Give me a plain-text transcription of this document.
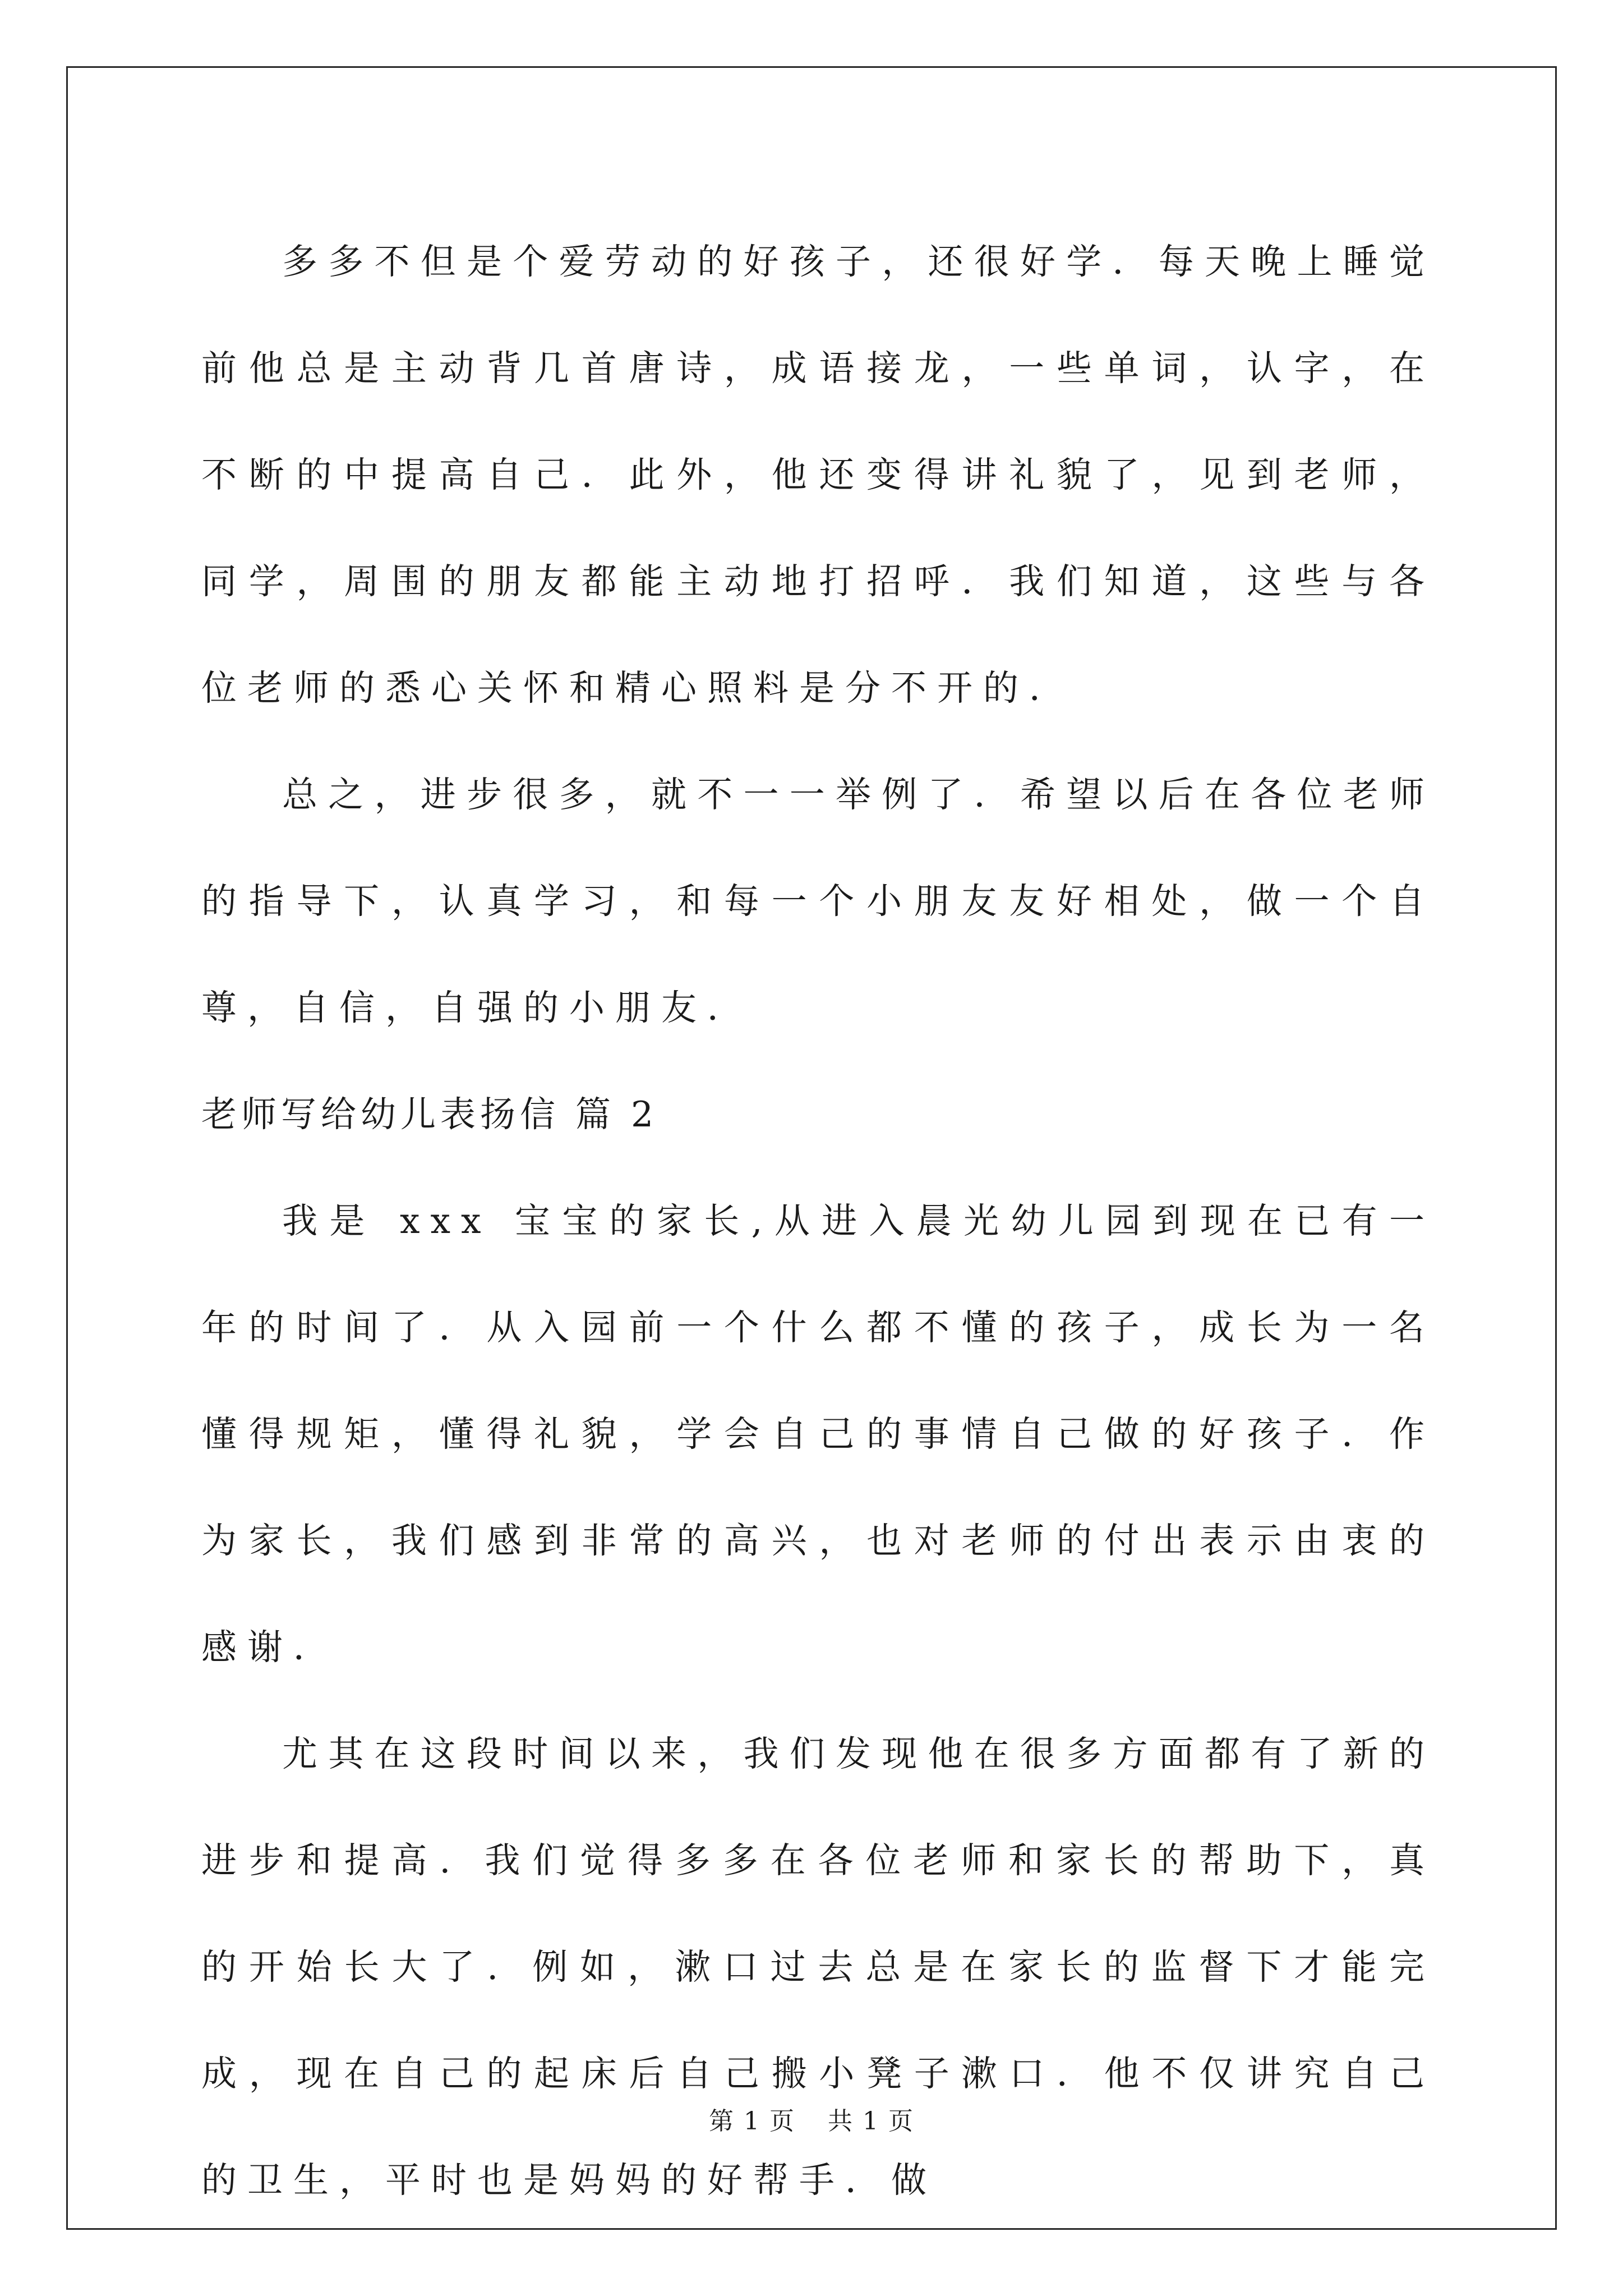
多多不但是个爱劳动的好孩子，还很好学．每天晚上睡觉前他总是主动背几首唐诗，成语接龙，一些单词，认字，在不断的中提高自己．此外，他还变得讲礼貌了，见到老师，同学，周围的朋友都能主动地打招呼．我们知道，这些与各位老师的悉心关怀和精心照料是分不开的．

总之，进步很多，就不一一举例了．希望以后在各位老师的指导下，认真学习，和每一个小朋友友好相处，做一个自尊，自信，自强的小朋友．

老师写给幼儿表扬信 篇 2

我是 xxx 宝宝的家长,从进入晨光幼儿园到现在已有一年的时间了．从入园前一个什么都不懂的孩子，成长为一名懂得规矩，懂得礼貌，学会自己的事情自己做的好孩子．作为家长，我们感到非常的高兴，也对老师的付出表示由衷的感谢．

尤其在这段时间以来，我们发现他在很多方面都有了新的进步和提高. 我们觉得多多在各位老师和家长的帮助下，真的开始长大了. 例如，漱口过去总是在家长的监督下才能完成，现在自己的起床后自己搬小凳子漱口．他不仅讲究自己的卫生，平时也是妈妈的好帮手．做

第 1 页 共 1 页
